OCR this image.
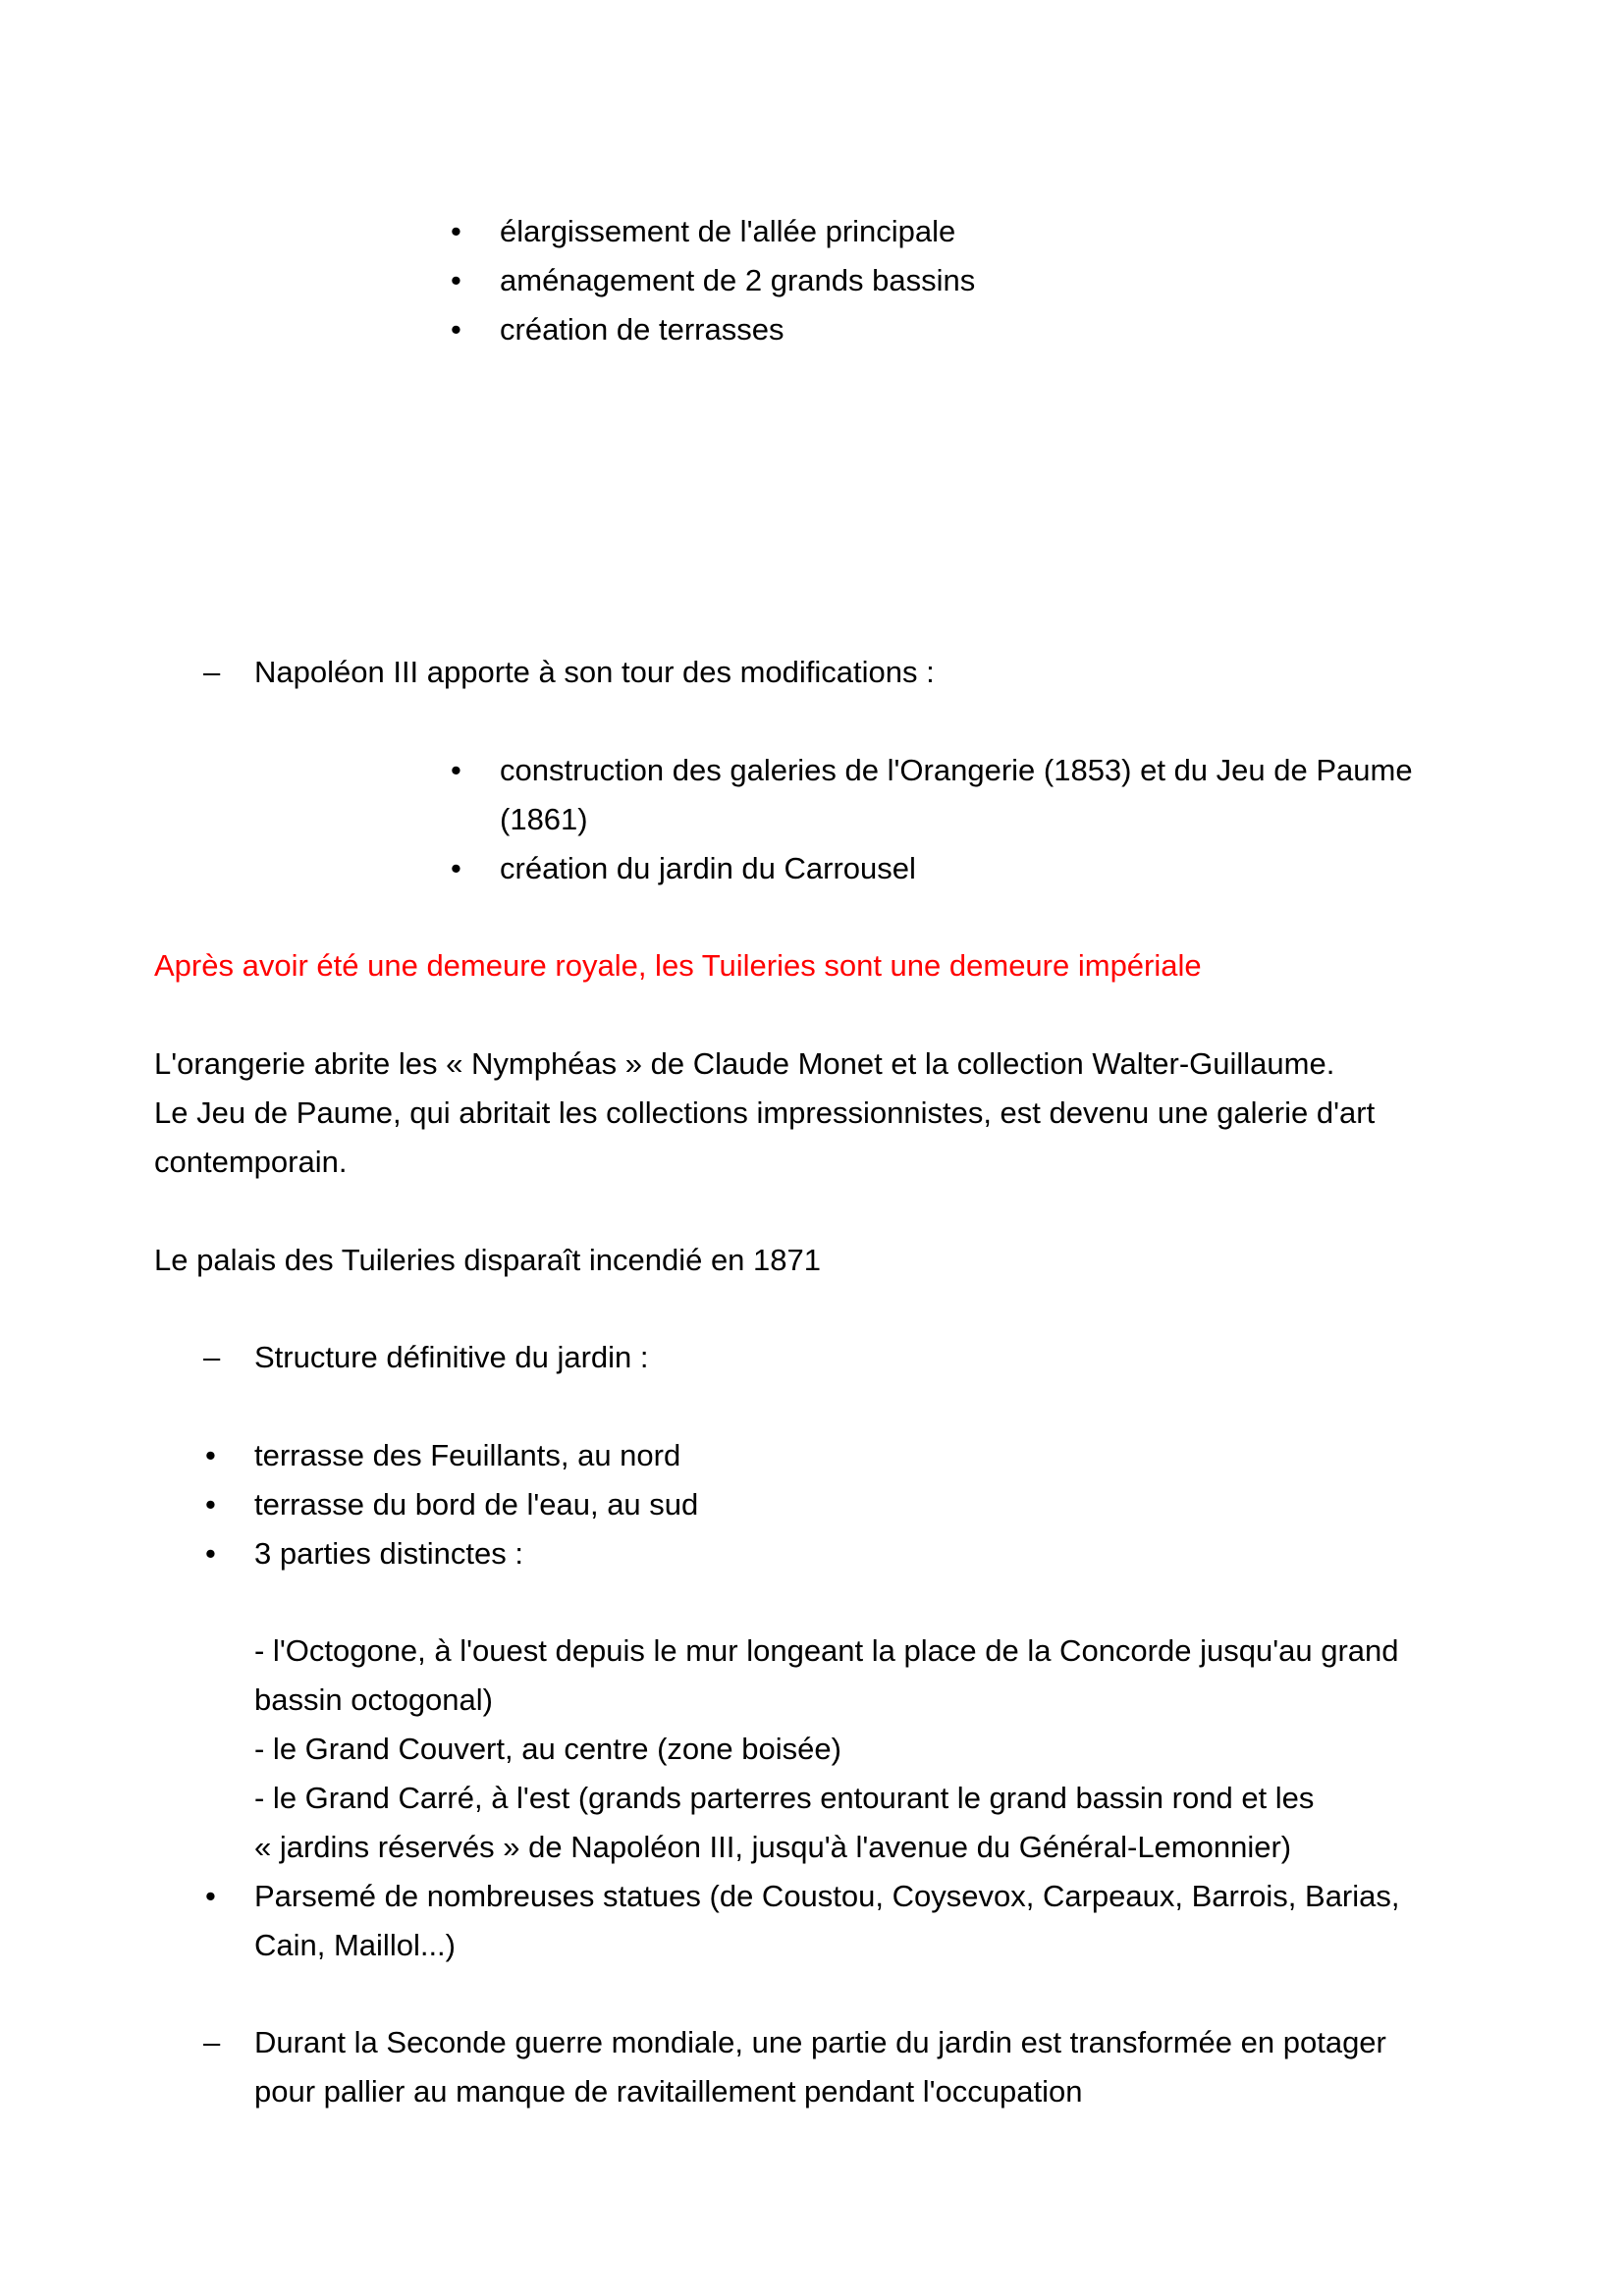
• élargissement de l'allée principale
• aménagement de 2 grands bassins
• création de terrasses
– Napoléon III apporte à son tour des modifications :
• construction des galeries de l'Orangerie (1853) et du Jeu de Paume
(1861)
• création du jardin du Carrousel
Après avoir été une demeure royale, les Tuileries sont une demeure impériale
L'orangerie abrite les « Nymphéas » de Claude Monet et la collection Walter-Guillaume.
Le Jeu de Paume, qui abritait les collections impressionnistes, est devenu une galerie d'art
contemporain.
Le palais des Tuileries disparaît incendié en 1871
– Structure définitive du jardin :
• terrasse des Feuillants, au nord
• terrasse du bord de l'eau, au sud
• 3 parties distinctes :
- l'Octogone, à l'ouest depuis le mur longeant la place de la Concorde jusqu'au grand
bassin octogonal)
- le Grand Couvert, au centre (zone boisée)
- le Grand Carré, à l'est (grands parterres entourant le grand bassin rond et les
« jardins réservés » de Napoléon III, jusqu'à l'avenue du Général-Lemonnier)
• Parsemé de nombreuses statues (de Coustou, Coysevox, Carpeaux, Barrois, Barias,
Cain, Maillol...)
– Durant la Seconde guerre mondiale, une partie du jardin est transformée en potager
pour pallier au manque de ravitaillement pendant l'occupation
